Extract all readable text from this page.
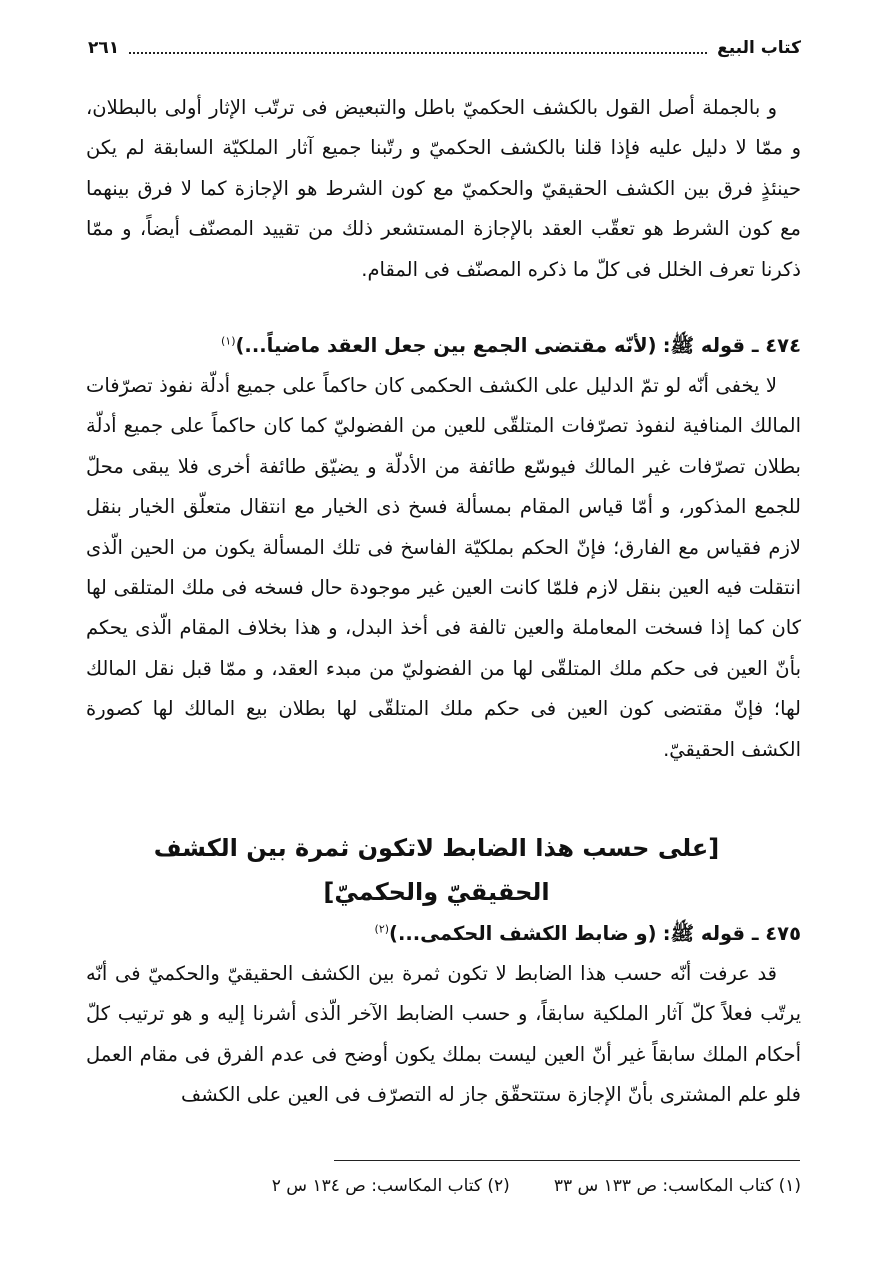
كتاب البيع
٢٦١

و بالجملة أصل القول بالكشف الحكميّ باطل والتبعيض فى ترتّب الإثار أولى بالبطلان، و ممّا لا دليل عليه فإذا قلنا بالكشف الحكميّ و رتّبنا جميع آثار الملكيّة السابقة لم يكن حينئذٍ فرق بين الكشف الحقيقيّ والحكميّ مع كون الشرط هو الإجازة كما لا فرق بينهما مع كون الشرط هو تعقّب العقد بالإجازة المستشعر ذلك من تقييد المصنّف أيضاً، و ممّا ذكرنا تعرف الخلل فى كلّ ما ذكره المصنّف فى المقام.

٤٧٤ ـ قوله ﷺ: (لأنّه مقتضى الجمع بين جعل العقد ماضياً...)$^{(١)}$

لا يخفى أنّه لو تمّ الدليل على الكشف الحكمى كان حاكماً على جميع أدلّة نفوذ تصرّفات المالك المنافية لنفوذ تصرّفات المتلقّى للعين من الفضوليّ كما كان حاكماً على جميع أدلّة بطلان تصرّفات غير المالك فيوسّع طائفة من الأدلّة و يضيّق طائفة أخرى فلا يبقى محلّ للجمع المذكور، و أمّا قياس المقام بمسألة فسخ ذى الخيار مع انتقال متعلّق الخيار بنقل لازم فقياس مع الفارق؛ فإنّ الحكم بملكيّة الفاسخ فى تلك المسألة يكون من الحين الّذى انتقلت فيه العين بنقل لازم فلمّا كانت العين غير موجودة حال فسخه فى ملك المتلقى لها كان كما إذا فسخت المعاملة والعين تالفة فى أخذ البدل، و هذا بخلاف المقام الّذى يحكم بأنّ العين فى حكم ملك المتلقّى لها من الفضوليّ من مبدء العقد، و ممّا قبل نقل المالك لها؛ فإنّ مقتضى كون العين فى حكم ملك المتلقّى لها بطلان بيع المالك لها كصورة الكشف الحقيقيّ.

[على حسب هذا الضابط لاتكون ثمرة بين الكشف
الحقيقيّ والحكميّ]

٤٧٥ ـ قوله ﷺ: (و ضابط الكشف الحكمى...)$^{(٢)}$

قد عرفت أنّه حسب هذا الضابط لا تكون ثمرة بين الكشف الحقيقيّ والحكميّ فى أنّه يرتّب فعلاً كلّ آثار الملكية سابقاً، و حسب الضابط الآخر الّذى أشرنا إليه و هو ترتيب كلّ أحكام الملك سابقاً غير أنّ العين ليست بملك يكون أوضح فى عدم الفرق فى مقام العمل فلو علم المشترى بأنّ الإجازة ستتحقّق جاز له التصرّف فى العين على الكشف

(١) كتاب المكاسب: ص ١٣٣ س ٣٣
(٢) كتاب المكاسب: ص ١٣٤ س ٢
